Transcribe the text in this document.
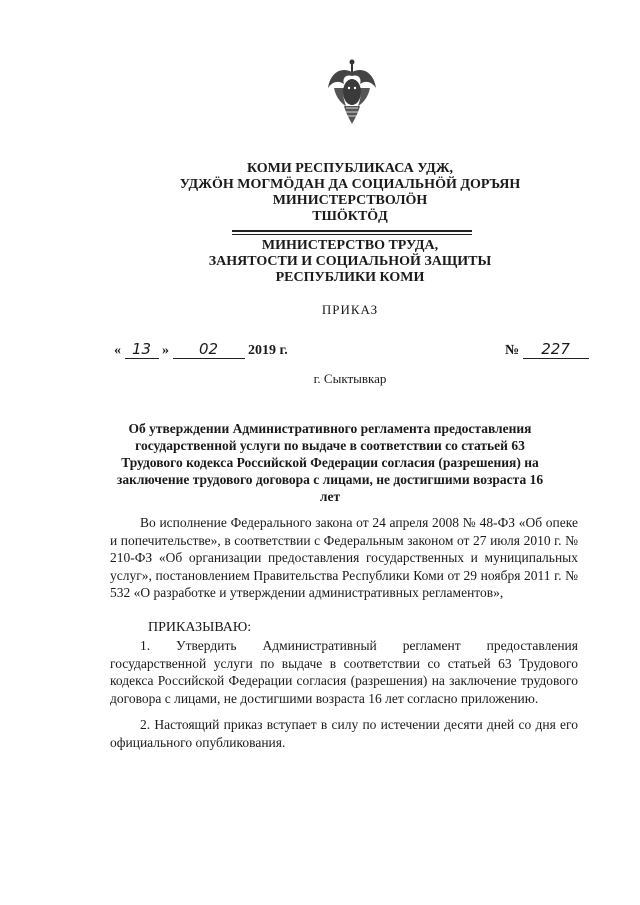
КОМИ РЕСПУБЛИКАСА УДЖ,
УДЖÖН МОГМÖДАН ДА СОЦИАЛЬНÖЙ ДОРЪЯН
МИНИСТЕРСТВОЛÖН
ТШÖКТÖД
МИНИСТЕРСТВО ТРУДА,
ЗАНЯТОСТИ И СОЦИАЛЬНОЙ ЗАЩИТЫ
РЕСПУБЛИКИ КОМИ
ПРИКАЗ
« 13 » 02 2019 г.	№ 227
г. Сыктывкар
Об утверждении Административного регламента предоставления государственной услуги по выдаче в соответствии со статьей 63 Трудового кодекса Российской Федерации согласия (разрешения) на заключение трудового договора с лицами, не достигшими возраста 16 лет
Во исполнение Федерального закона от 24 апреля 2008 № 48-ФЗ «Об опеке и попечительстве», в соответствии с Федеральным законом от 27 июля 2010 г. № 210-ФЗ «Об организации предоставления государственных и муниципальных услуг», постановлением Правительства Республики Коми от 29 ноября 2011 г. № 532 «О разработке и утверждении административных регламентов»,
ПРИКАЗЫВАЮ:
1. Утвердить Административный регламент предоставления государственной услуги по выдаче в соответствии со статьей 63 Трудового кодекса Российской Федерации согласия (разрешения) на заключение трудового договора с лицами, не достигшими возраста 16 лет согласно приложению.
2. Настоящий приказ вступает в силу по истечении десяти дней со дня его официального опубликования.
